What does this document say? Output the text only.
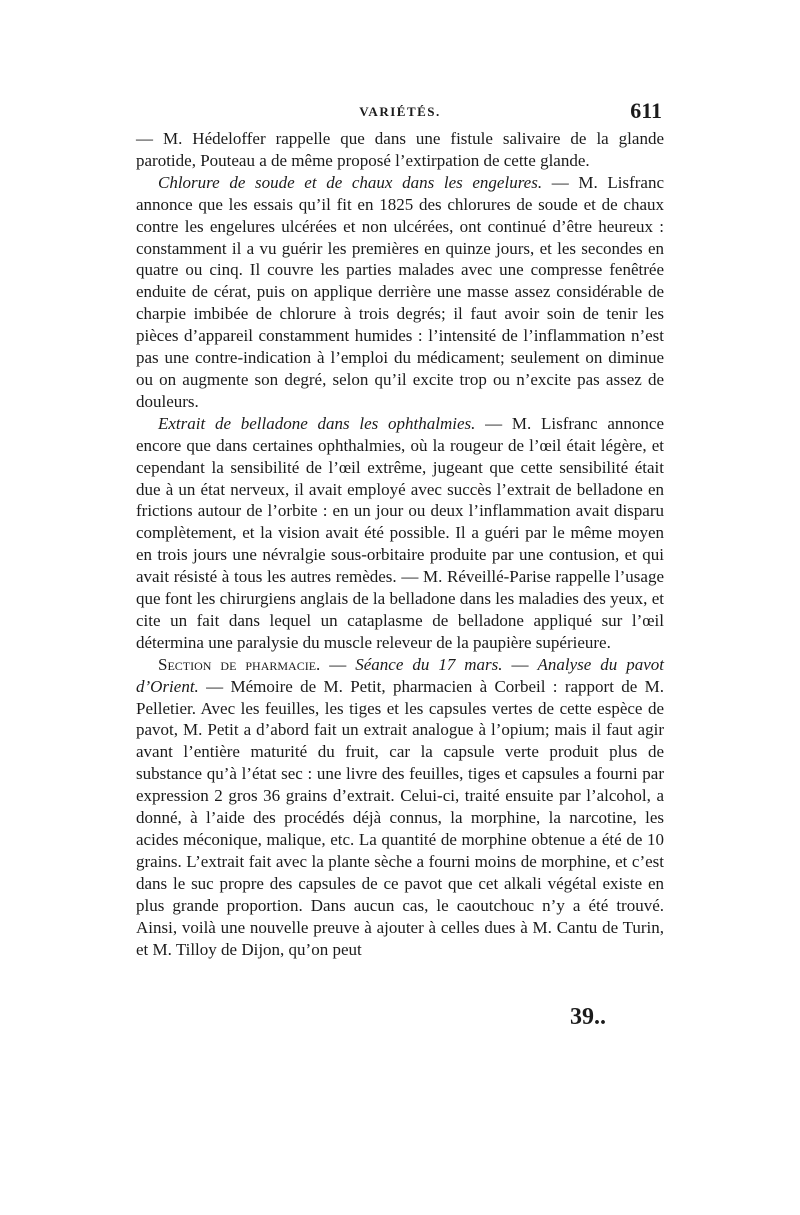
VARIÉTÉS.	611

— M. Hédeloffer rappelle que dans une fistule salivaire de la glande parotide, Pouteau a de même proposé l’extirpation de cette glande.

Chlorure de soude et de chaux dans les engelures. — M. Lisfranc annonce que les essais qu’il fit en 1825 des chlorures de soude et de chaux contre les engelures ulcérées et non ulcérées, ont continué d’être heureux : constamment il a vu guérir les premières en quinze jours, et les secondes en quatre ou cinq. Il couvre les parties malades avec une compresse fenêtrée enduite de cérat, puis on applique derrière une masse assez considérable de charpie imbibée de chlorure à trois degrés; il faut avoir soin de tenir les pièces d’appareil constamment humides : l’intensité de l’inflammation n’est pas une contre-indication à l’emploi du médicament; seulement on diminue ou on augmente son degré, selon qu’il excite trop ou n’excite pas assez de douleurs.

Extrait de belladone dans les ophthalmies. — M. Lisfranc annonce encore que dans certaines ophthalmies, où la rougeur de l’œil était légère, et cependant la sensibilité de l’œil extrême, jugeant que cette sensibilité était due à un état nerveux, il avait employé avec succès l’extrait de belladone en frictions autour de l’orbite : en un jour ou deux l’inflammation avait disparu complètement, et la vision avait été possible. Il a guéri par le même moyen en trois jours une névralgie sous-orbitaire produite par une contusion, et qui avait résisté à tous les autres remèdes. — M. Réveillé-Parise rappelle l’usage que font les chirurgiens anglais de la belladone dans les maladies des yeux, et cite un fait dans lequel un cataplasme de belladone appliqué sur l’œil détermina une paralysie du muscle releveur de la paupière supérieure.

Section de pharmacie. — Séance du 17 mars. — Analyse du pavot d’Orient. — Mémoire de M. Petit, pharmacien à Corbeil : rapport de M. Pelletier. Avec les feuilles, les tiges et les capsules vertes de cette espèce de pavot, M. Petit a d’abord fait un extrait analogue à l’opium; mais il faut agir avant l’entière maturité du fruit, car la capsule verte produit plus de substance qu’à l’état sec : une livre des feuilles, tiges et capsules a fourni par expression 2 gros 36 grains d’extrait. Celui-ci, traité ensuite par l’alcohol, a donné, à l’aide des procédés déjà connus, la morphine, la narcotine, les acides méconique, malique, etc. La quantité de morphine obtenue a été de 10 grains. L’extrait fait avec la plante sèche a fourni moins de morphine, et c’est dans le suc propre des capsules de ce pavot que cet alkali végétal existe en plus grande proportion. Dans aucun cas, le caoutchouc n’y a été trouvé. Ainsi, voilà une nouvelle preuve à ajouter à celles dues à M. Cantu de Turin, et M. Tilloy de Dijon, qu’on peut

39..
